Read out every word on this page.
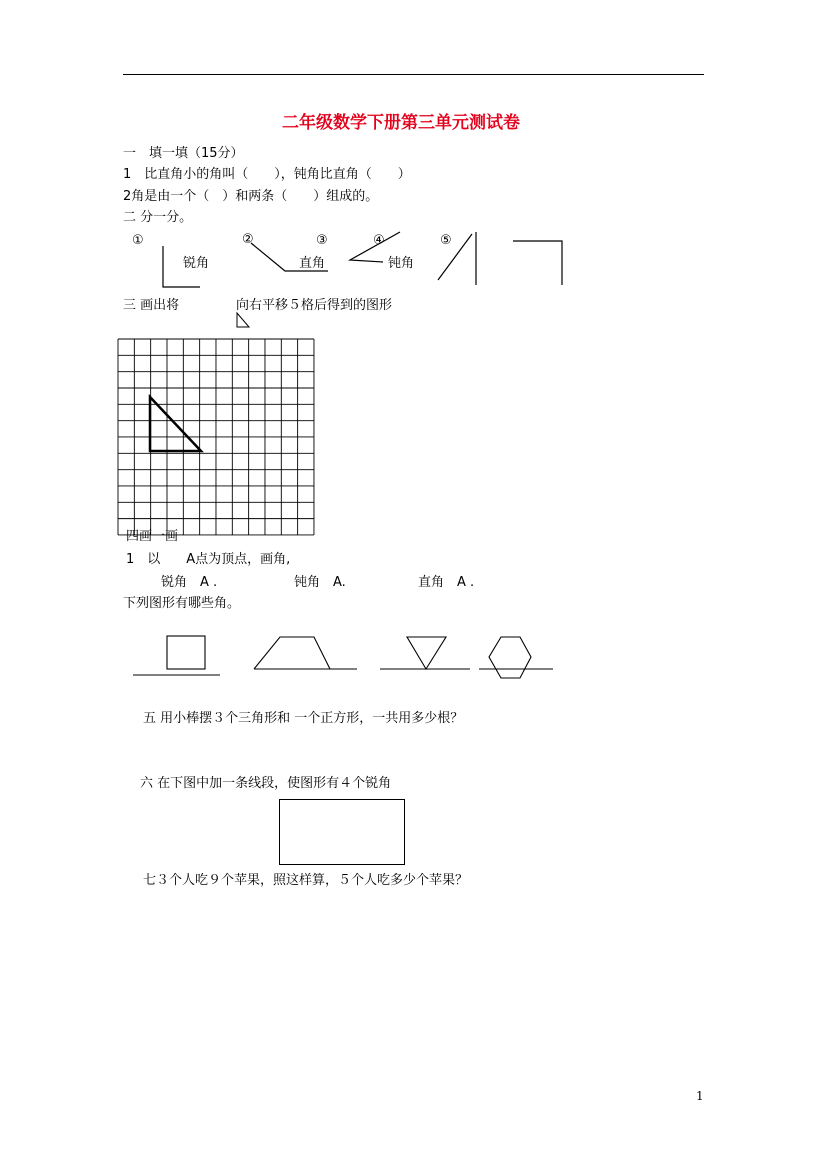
二年级数学下册第三单元测试卷
一　填一填（15分）
1　比直角小的角叫（　　），钝角比直角（　　）
2角是由一个（　）和两条（　　）组成的。
二 分一分。
①	②	③	④	⑤
锐角	直角	钝角
三 画出将	向右平移５格后得到的图形
四画一画
1　以　　A点为顶点，画角,
锐角　A .	钝角　A.	直角　A .
下列图形有哪些角。
五 用小棒摆３个三角形和 一个正方形，一共用多少根？
六 在下图中加一条线段，使图形有４个锐角
七３个人吃９个苹果，照这样算，５个人吃多少个苹果？
1
